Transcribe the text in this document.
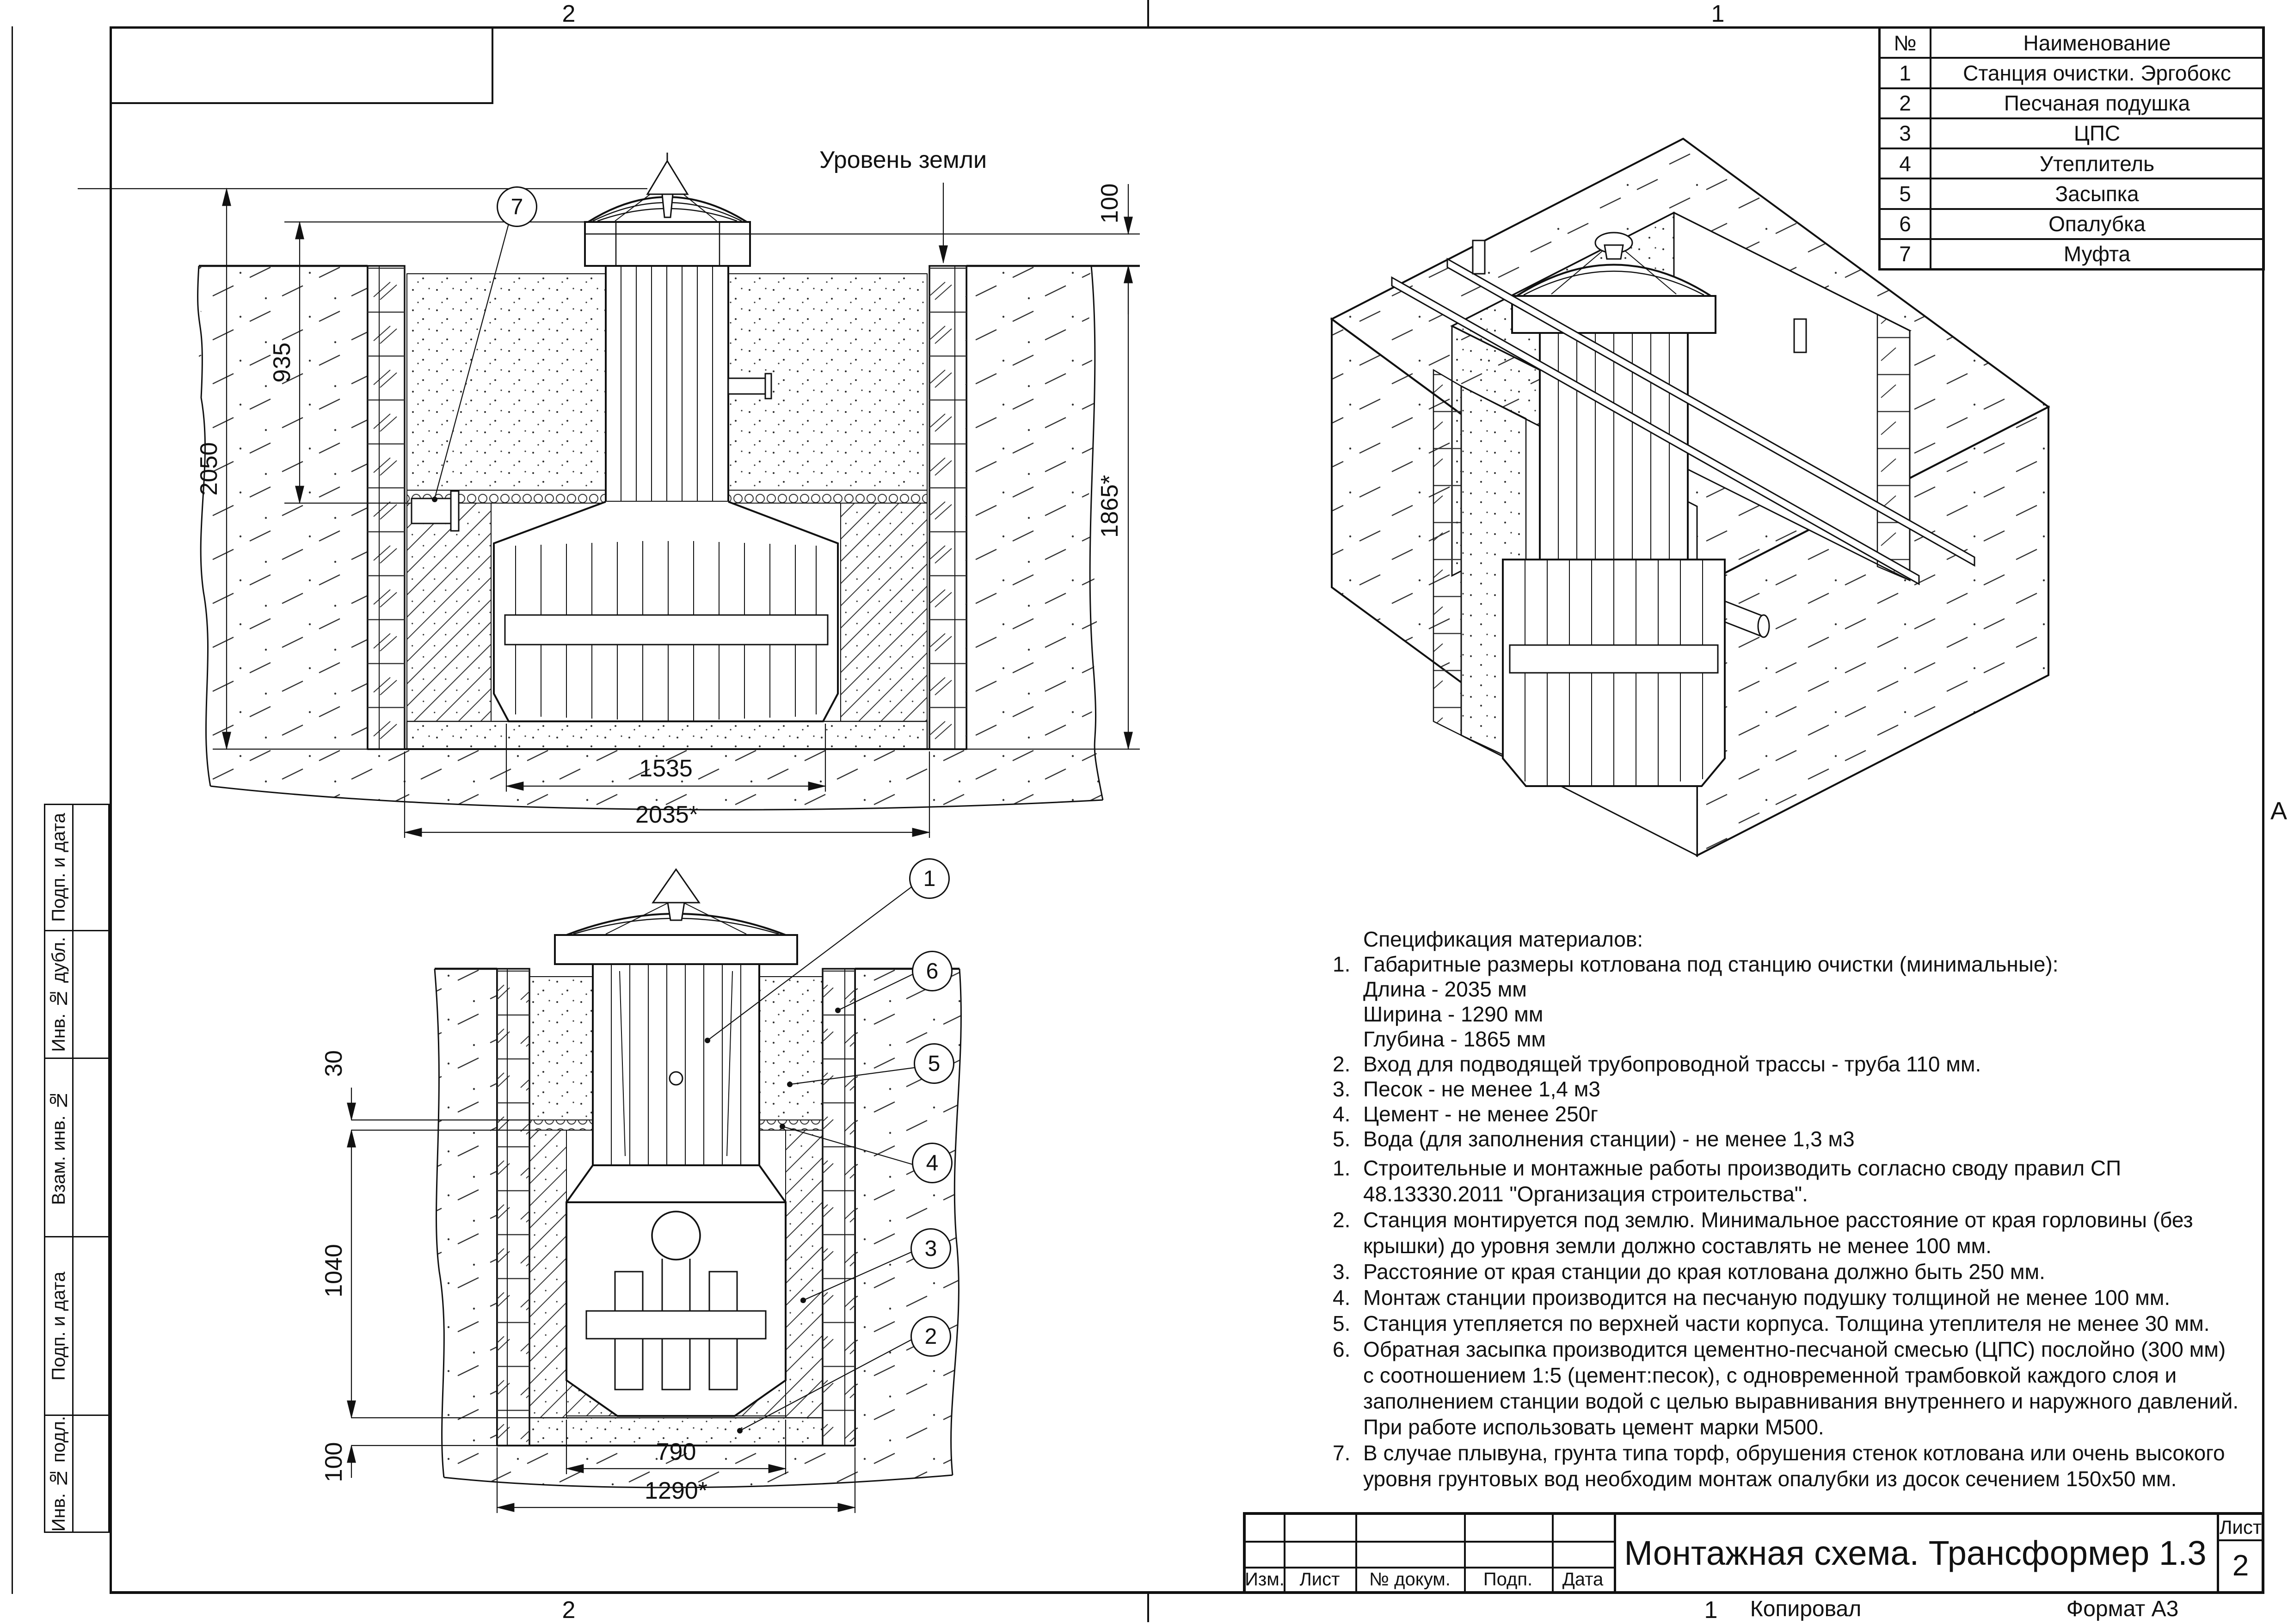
2050
935
100
1865*
1535
2035*
Уровень земли
7
30
1040
100	790
1290*
1
6
5
4
3
2
Спецификация материалов:
1. Габаритные размеры котлована под станцию очистки (минимальные):
Длина - 2035 мм
Ширина - 1290 мм
Глубина - 1865 мм
2. Вход для подводящей трубопроводной трассы - труба 110 мм.
3. Песок - не менее 1,4 м3
4. Цемент - не менее 250г
5. Вода (для заполнения станции) - не менее 1,3 м3
1. Строительные и монтажные работы производить согласно своду правил СП
48.13330.2011 "Организация строительства".
2. Станция монтируется под землю. Минимальное расстояние от края горловины (без
крышки) до уровня земли должно составлять не менее 100 мм.
3. Расстояние от края станции до края котлована должно быть 250 мм.
4. Монтаж станции производится на песчаную подушку толщиной не менее 100 мм.
5. Станция утепляется по верхней части корпуса. Толщина утеплителя не менее 30 мм.
6. Обратная засыпка производится цементно-песчаной смесью (ЦПС) послойно (300 мм)
с соотношением 1:5 (цемент:песок), с одновременной трамбовкой каждого слоя и
заполнением станции водой с целью выравнивания внутреннего и наружного давлений.
При работе использовать цемент марки М500.
7. В случае плывуна, грунта типа торф, обрушения стенок котлована или очень высокого
уровня грунтовых вод необходим монтаж опалубки из досок сечением 150x50 мм.
№	Наименование
1	Станция очистки. Эргобокс
2	Песчаная подушка
3	ЦПС
4	Утеплитель
5	Засыпка
6	Опалубка
7	Муфта
Изм. Лист № докум. Подп. Дата
Монтажная схема. Трансформер 1.3
Лист
2
Подп. и дата
Инв. № дубл.
Взам. инв. №
Подп. и дата
Инв. № подл.
2	1
2	1 Копировал	Формат А3
А
